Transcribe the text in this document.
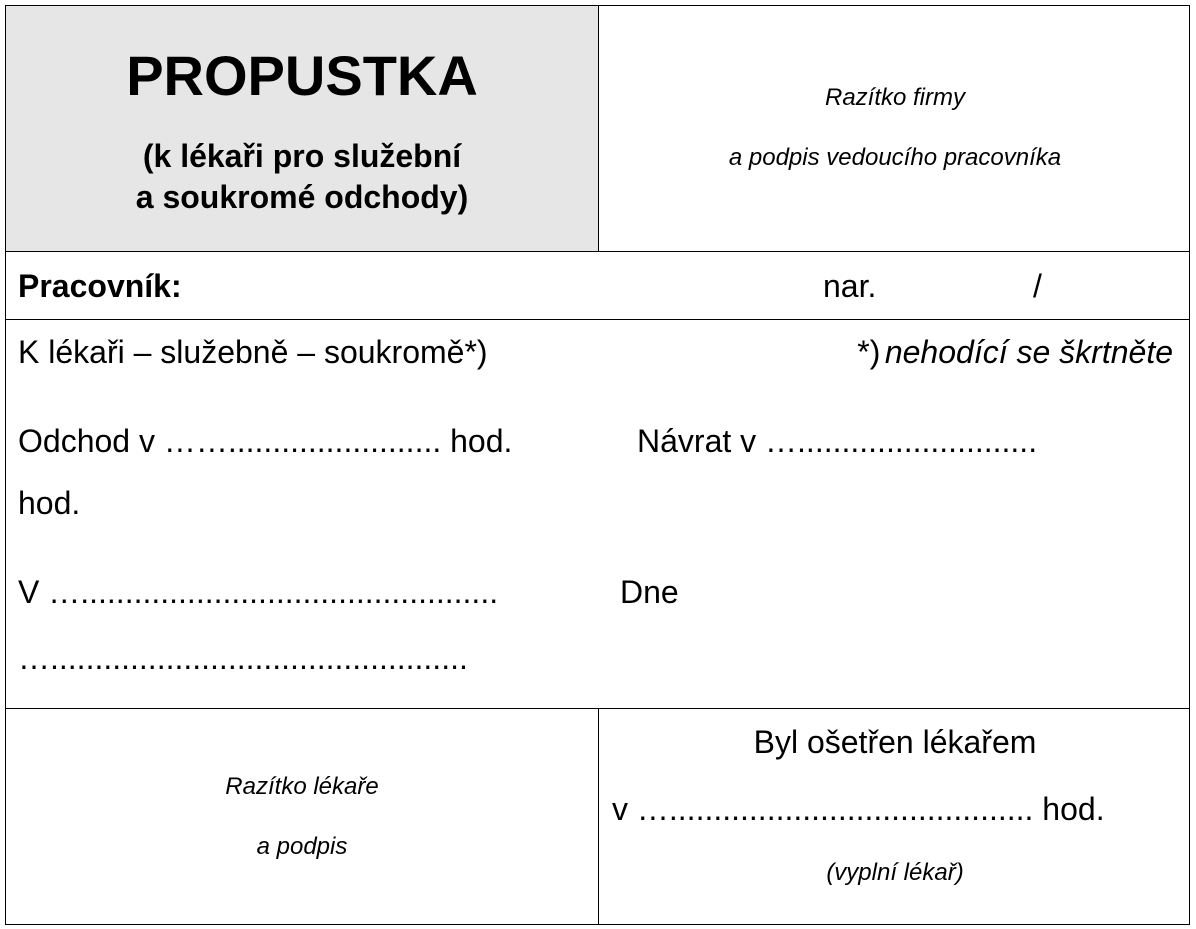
PROPUSTKA
(k lékaři pro služební
a soukromé odchody)
Razítko firmy
a podpis vedoucího pracovníka
Pracovník:	nar.	/
K lékaři – služebně – soukromě*)	*) nehodící se škrtněte
Odchod v ……........................ hod.	Návrat v …...........................
hod.
V …...............................................	Dne
…...............................................
Razítko lékaře
a podpis
Byl ošetřen lékařem
v …......................................... hod.
(vyplní lékař)
